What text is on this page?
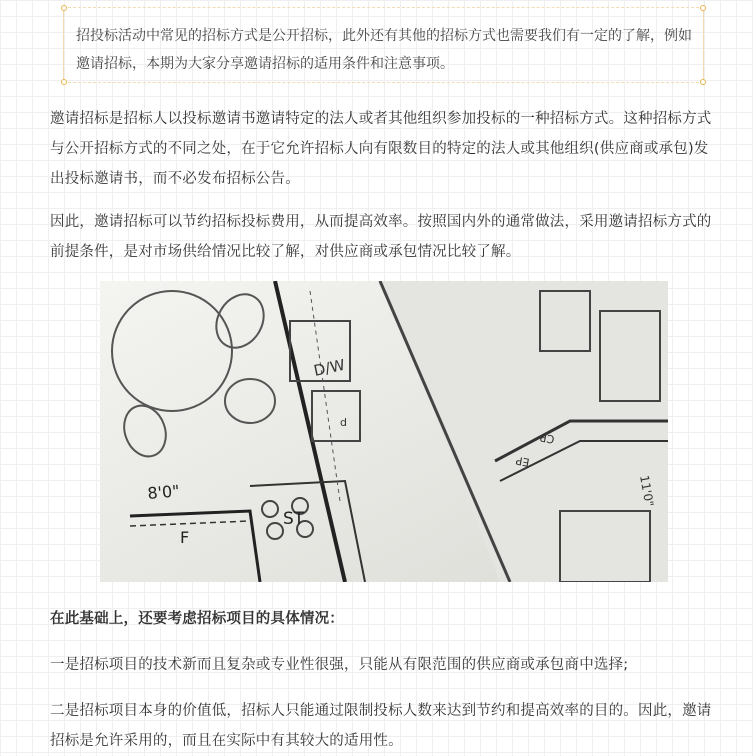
招投标活动中常见的招标方式是公开招标，此外还有其他的招标方式也需要我们有一定的了解，例如邀请招标，本期为大家分享邀请招标的适用条件和注意事项。
邀请招标是招标人以投标邀请书邀请特定的法人或者其他组织参加投标的一种招标方式。这种招标方式与公开招标方式的不同之处，在于它允许招标人向有限数目的特定的法人或其他组织(供应商或承包)发出投标邀请书，而不必发布招标公告。
因此，邀请招标可以节约招标投标费用，从而提高效率。按照国内外的通常做法，采用邀请招标方式的前提条件，是对市场供给情况比较了解，对供应商或承包情况比较了解。
D/W
8'0"
F
ST
CP
EP
11'0"
d
在此基础上，还要考虑招标项目的具体情况：
一是招标项目的技术新而且复杂或专业性很强，只能从有限范围的供应商或承包商中选择;
二是招标项目本身的价值低，招标人只能通过限制投标人数来达到节约和提高效率的目的。因此，邀请招标是允许采用的，而且在实际中有其较大的适用性。
